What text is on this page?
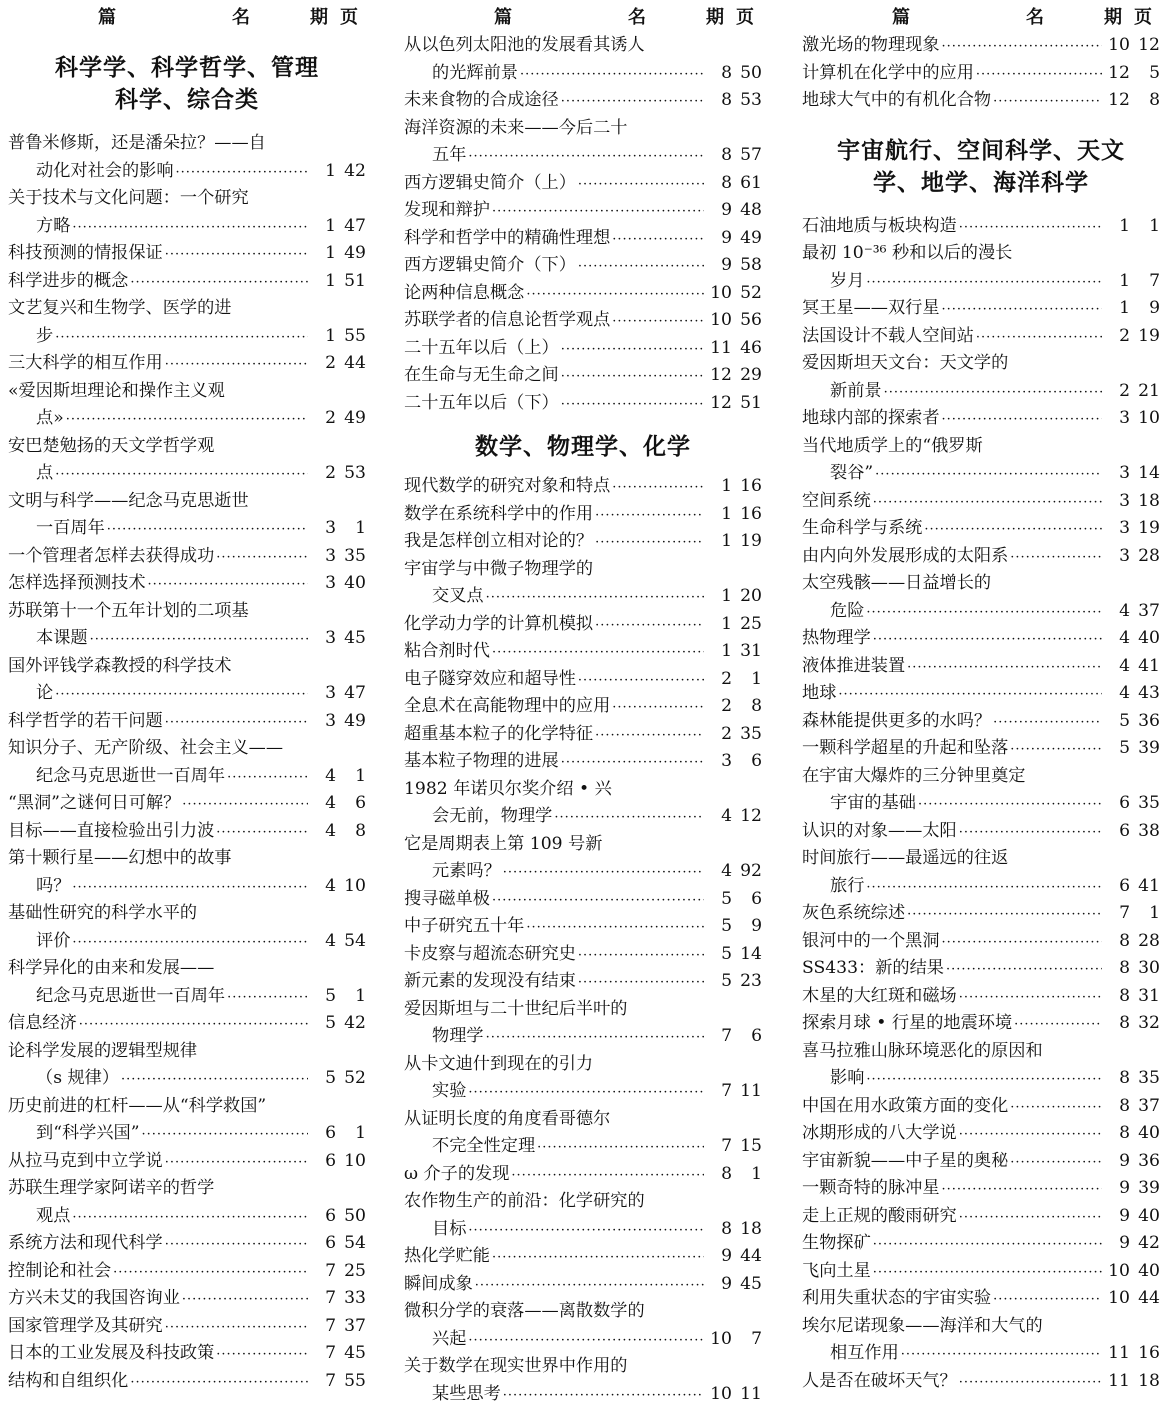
篇	名	期 页
科学学、科学哲学、管理
科学、综合类
普鲁米修斯，还是潘朵拉？——自
动化对社会的影响 ·····	1 42
关于技术与文化问题：一个研究
方略 ·····	1 47
科技预测的情报保证 ·····	1 49
科学进步的概念 ·····	1 51
文艺复兴和生物学、医学的进
步 ·····	1 55
三大科学的相互作用 ·····	2 44
«爱因斯坦理论和操作主义观
点» ·····	2 49
安巴楚勉扬的天文学哲学观
点 ·····	2 53
文明与科学——纪念马克思逝世
一百周年 ·····	3	1
一个管理者怎样去获得成功 ·····	3 35
怎样选择预测技术 ·····	3 40
苏联第十一个五年计划的二项基
本课题 ·····	3 45
国外评钱学森教授的科学技术
论 ·····	3 47
科学哲学的若干问题 ·····	3 49
知识分子、无产阶级、社会主义——
纪念马克思逝世一百周年 ·····	4	1
“黑洞”之谜何日可解？ ·····	4	6
目标——直接检验出引力波 ·····	4	8
第十颗行星——幻想中的故事
吗？ ·····	4 10
基础性研究的科学水平的
评价 ·····	4 54
科学异化的由来和发展——
纪念马克思逝世一百周年 ·····	5	1
信息经济 ·····	5 42
论科学发展的逻辑型规律
（s 规律） ·····	5 52
历史前进的杠杆——从“科学救国”
到“科学兴国” ·····	6	1
从拉马克到中立学说 ·····	6 10
苏联生理学家阿诺辛的哲学
观点 ·····	6 50
系统方法和现代科学 ·····	6 54
控制论和社会 ·····	7 25
方兴未艾的我国咨询业 ·····	7 33
国家管理学及其研究 ·····	7 37
日本的工业发展及科技政策 ·····	7 45
结构和自组织化 ·····	7 55
篇	名	期 页
从以色列太阳池的发展看其诱人
的光辉前景 ·····	8 50
未来食物的合成途径 ·····	8 53
海洋资源的未来——今后二十
五年 ·····	8 57
西方逻辑史简介（上） ·····	8 61
发现和辩护 ·····	9 48
科学和哲学中的精确性理想 ·····	9 49
西方逻辑史简介（下） ·····	9 58
论两种信息概念 ·····	10 52
苏联学者的信息论哲学观点 ·····	10 56
二十五年以后（上） ·····	11 46
在生命与无生命之间 ·····	12 29
二十五年以后（下） ·····	12 51
数学、物理学、化学
现代数学的研究对象和特点 ·····	1 16
数学在系统科学中的作用 ·····	1 16
我是怎样创立相对论的？ ·····	1 19
宇宙学与中微子物理学的
交叉点 ·····	1 20
化学动力学的计算机模拟 ·····	1 25
粘合剂时代 ·····	1 31
电子隧穿效应和超导性 ·····	2	1
全息术在高能物理中的应用 ·····	2	8
超重基本粒子的化学特征 ·····	2 35
基本粒子物理的进展 ·····	3	6
1982 年诺贝尔奖介绍 • 兴
会无前，物理学 ·····	4 12
它是周期表上第 109 号新
元素吗？ ·····	4 92
搜寻磁单极 ·····	5	6
中子研究五十年 ·····	5	9
卡皮察与超流态研究史 ·····	5 14
新元素的发现没有结束 ·····	5 23
爱因斯坦与二十世纪后半叶的
物理学 ·····	7	6
从卡文迪什到现在的引力
实验 ·····	7 11
从证明长度的角度看哥德尔
不完全性定理 ·····	7 15
ω 介子的发现 ·····	8	1
农作物生产的前沿：化学研究的
目标 ·····	8 18
热化学贮能 ·····	9 44
瞬间成象 ·····	9 45
微积分学的衰落——离散数学的
兴起 ·····	10	7
关于数学在现实世界中作用的
某些思考 ·····	10 11
篇	名	期 页
激光场的物理现象 ·····	10 12
计算机在化学中的应用 ·····	12	5
地球大气中的有机化合物 ·····	12	8
宇宙航行、空间科学、天文
学、地学、海洋科学
石油地质与板块构造 ·····	1	1
最初 10⁻³⁶ 秒和以后的漫长
岁月 ·····	1	7
冥王星——双行星 ·····	1	9
法国设计不载人空间站 ·····	2 19
爱因斯坦天文台：天文学的
新前景 ·····	2 21
地球内部的探索者 ·····	3 10
当代地质学上的“俄罗斯
裂谷” ·····	3 14
空间系统 ·····	3 18
生命科学与系统 ·····	3 19
由内向外发展形成的太阳系 ·····	3 28
太空残骸——日益增长的
危险 ·····	4 37
热物理学 ·····	4 40
液体推进装置 ·····	4 41
地球 ·····	4 43
森林能提供更多的水吗？ ·····	5 36
一颗科学超星的升起和坠落 ·····	5 39
在宇宙大爆炸的三分钟里奠定
宇宙的基础 ·····	6 35
认识的对象——太阳 ·····	6 38
时间旅行——最遥远的往返
旅行 ·····	6 41
灰色系统综述 ·····	7	1
银河中的一个黑洞 ·····	8 28
SS433：新的结果 ·····	8 30
木星的大红斑和磁场 ·····	8 31
探索月球 • 行星的地震环境 ·····	8 32
喜马拉雅山脉环境恶化的原因和
影响 ·····	8 35
中国在用水政策方面的变化 ·····	8 37
冰期形成的八大学说 ·····	8 40
宇宙新貌——中子星的奥秘 ·····	9 36
一颗奇特的脉冲星 ·····	9 39
走上正规的酸雨研究 ·····	9 40
生物探矿 ·····	9 42
飞向土星 ·····	10 40
利用失重状态的宇宙实验 ·····	10 44
埃尔尼诺现象——海洋和大气的
相互作用 ·····	11 16
人是否在破坏天气？ ·····	11 18
